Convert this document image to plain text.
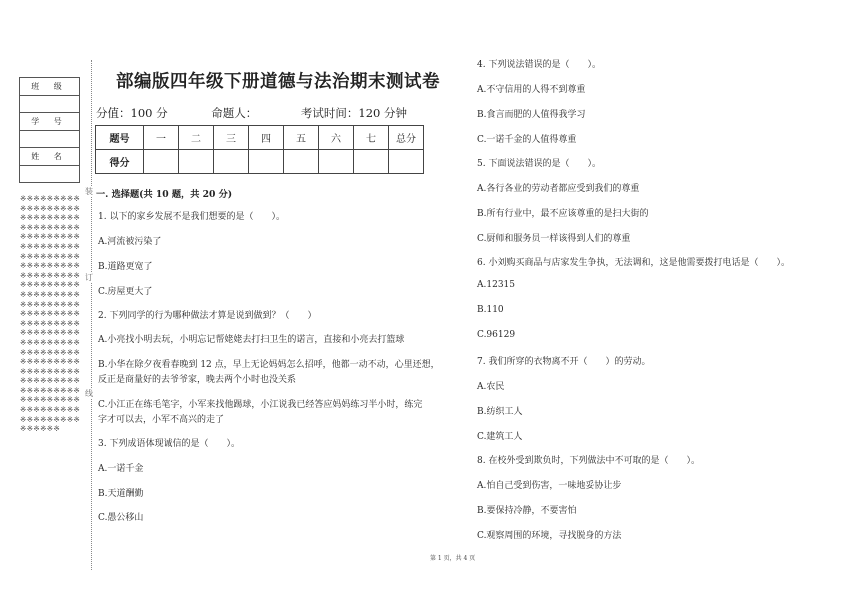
班 级
学 号
姓 名
※※※※※※※※※※※※※※※※※※※※※※※※※※※※※※※※※※※※※※※※※※※※※※※※※※※※※※※※※※※※※※※※※※※※※※※※※※※※※※※※※※※※※※※※※※※※※※※※※※※※※※※※※※※※※※※※※※※※※※※※※※※※※※※※※※※※※※※※※※※※※※※※※※※※※※※※※※※※※※※※※※※※※※※※※※※※※※※※※※※※※※※※※※※※※※※※※※※※※※※※※※※※※※※※※※※※※※※※※※※※※※
装
订
线
部编版四年级下册道德与法治期末测试卷
分值：100 分	命题人：	考试时间：120 分钟
题号	一	二	三	四	五	六	七	总分
得分								
一. 选择题(共 10 题，共 20 分)
1. 以下的家乡发展不是我们想要的是（　　）。
A.河流被污染了
B.道路更宽了
C.房屋更大了
2. 下列同学的行为哪种做法才算是说到做到？（　　）
A.小亮找小明去玩，小明忘记帮姥姥去打扫卫生的诺言，直接和小亮去打篮球
B.小华在除夕夜看春晚到 12 点，早上无论妈妈怎么招呼，他都一动不动，心里还想，
反正是商量好的去爷爷家，晚去两个小时也没关系
C.小江正在练毛笔字，小军来找他踢球，小江说我已经答应妈妈练习半小时，练完
字才可以去，小军不高兴的走了
3. 下列成语体现诚信的是（　　）。
A.一诺千金
B.天道酬勤
C.愚公移山
4. 下列说法错误的是（　　）。
A.不守信用的人得不到尊重
B.食言而肥的人值得我学习
C.一诺千金的人值得尊重
5. 下面说法错误的是（　　）。
A.各行各业的劳动者都应受到我们的尊重
B.所有行业中，最不应该尊重的是扫大街的
C.厨师和服务员一样该得到人们的尊重
6. 小刘购买商品与店家发生争执，无法调和，这是他需要拨打电话是（　　）。
A.12315
B.110
C.96129
7. 我们所穿的衣物离不开（　　）的劳动。
A.农民
B.纺织工人
C.建筑工人
8. 在校外受到欺负时，下列做法中不可取的是（　　）。
A.怕自己受到伤害，一味地妥协让步
B.要保持冷静，不要害怕
C.观察周围的环境，寻找脱身的方法
第 1 页，共 4 页
